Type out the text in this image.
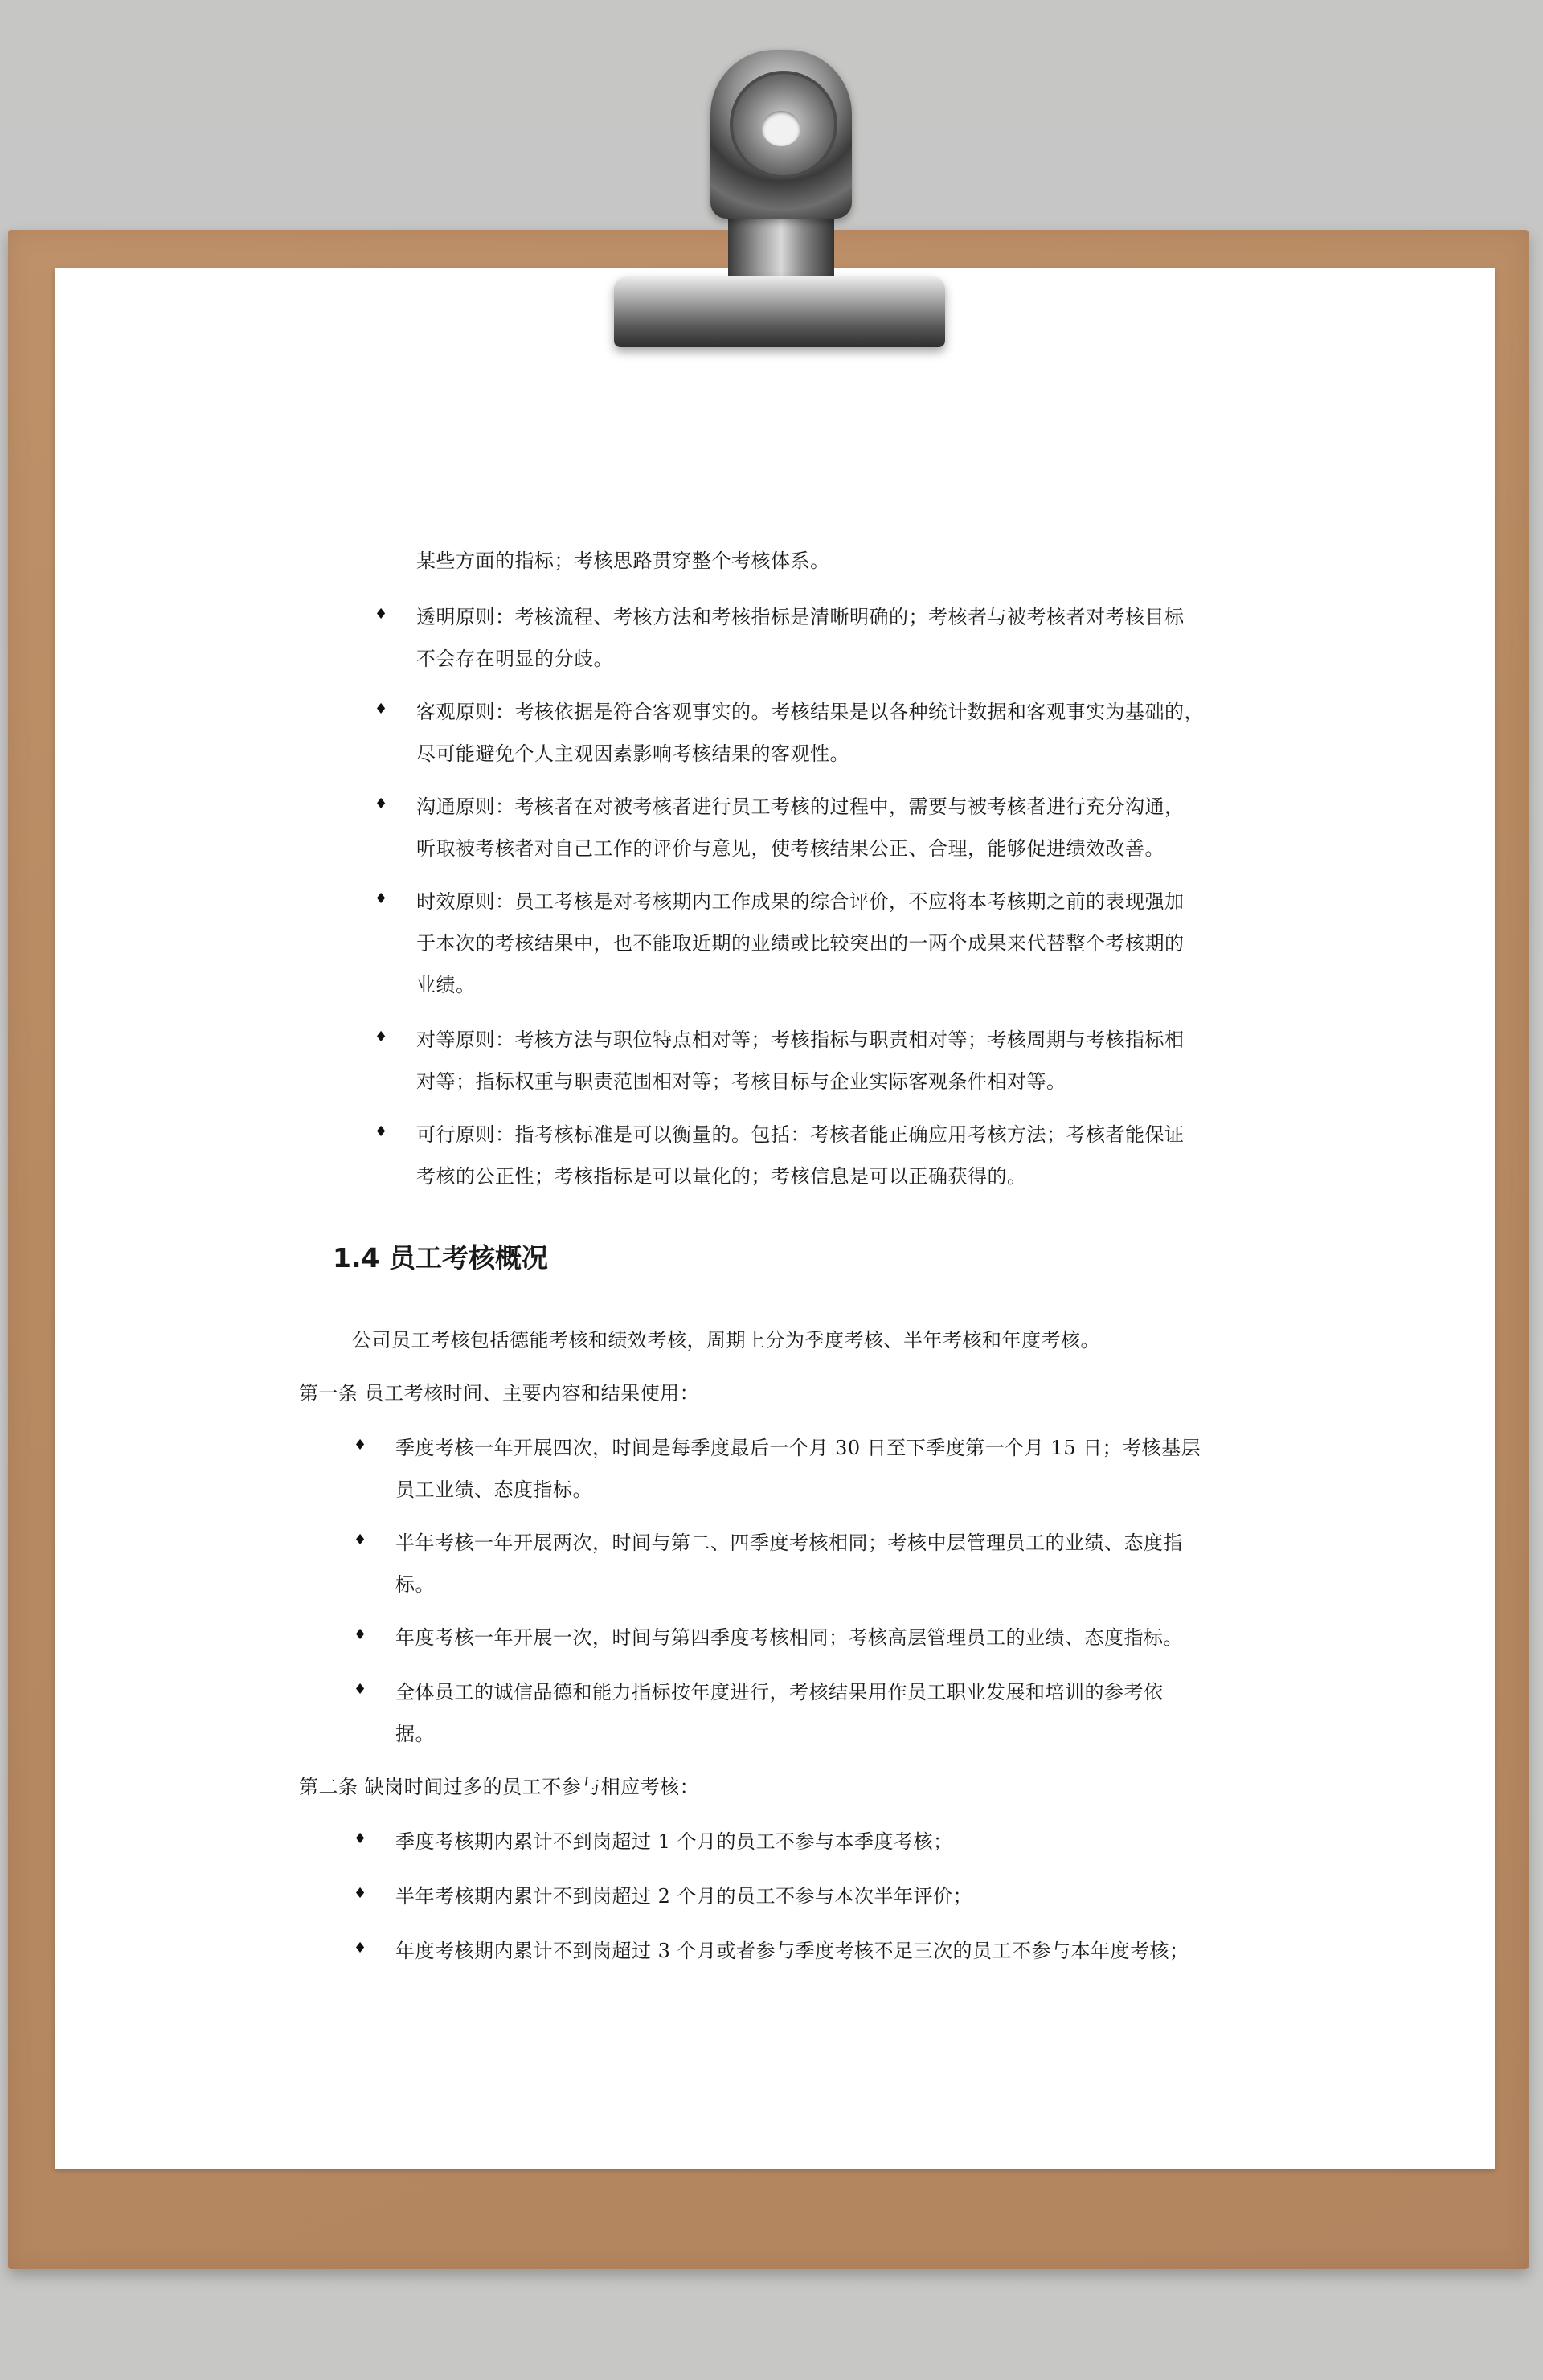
某些方面的指标；考核思路贯穿整个考核体系。
♦ 透明原则：考核流程、考核方法和考核指标是清晰明确的；考核者与被考核者对考核目标
不会存在明显的分歧。
♦ 客观原则：考核依据是符合客观事实的。考核结果是以各种统计数据和客观事实为基础的，
尽可能避免个人主观因素影响考核结果的客观性。
♦ 沟通原则：考核者在对被考核者进行员工考核的过程中，需要与被考核者进行充分沟通，
听取被考核者对自己工作的评价与意见，使考核结果公正、合理，能够促进绩效改善。
♦ 时效原则：员工考核是对考核期内工作成果的综合评价，不应将本考核期之前的表现强加
于本次的考核结果中，也不能取近期的业绩或比较突出的一两个成果来代替整个考核期的
业绩。
♦ 对等原则：考核方法与职位特点相对等；考核指标与职责相对等；考核周期与考核指标相
对等；指标权重与职责范围相对等；考核目标与企业实际客观条件相对等。
♦ 可行原则：指考核标准是可以衡量的。包括：考核者能正确应用考核方法；考核者能保证
考核的公正性；考核指标是可以量化的；考核信息是可以正确获得的。
1.4 员工考核概况
公司员工考核包括德能考核和绩效考核，周期上分为季度考核、半年考核和年度考核。
第一条 员工考核时间、主要内容和结果使用：
♦ 季度考核一年开展四次，时间是每季度最后一个月 30 日至下季度第一个月 15 日；考核基层
员工业绩、态度指标。
♦ 半年考核一年开展两次，时间与第二、四季度考核相同；考核中层管理员工的业绩、态度指
标。
♦ 年度考核一年开展一次，时间与第四季度考核相同；考核高层管理员工的业绩、态度指标。
♦ 全体员工的诚信品德和能力指标按年度进行，考核结果用作员工职业发展和培训的参考依
据。
第二条 缺岗时间过多的员工不参与相应考核：
♦ 季度考核期内累计不到岗超过 1 个月的员工不参与本季度考核；
♦ 半年考核期内累计不到岗超过 2 个月的员工不参与本次半年评价；
♦ 年度考核期内累计不到岗超过 3 个月或者参与季度考核不足三次的员工不参与本年度考核；
